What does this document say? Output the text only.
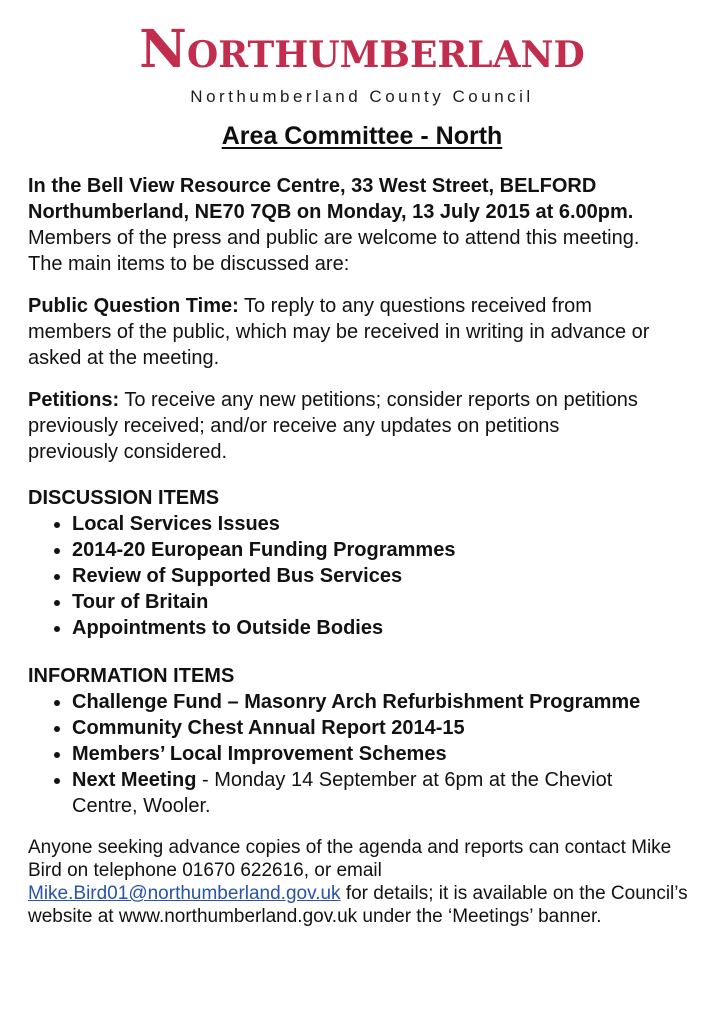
Northumberland
Northumberland County Council
Area Committee - North
In the Bell View Resource Centre, 33 West Street, BELFORD
Northumberland, NE70 7QB on Monday, 13 July 2015 at 6.00pm.
Members of the press and public are welcome to attend this meeting.
The main items to be discussed are:
Public Question Time: To reply to any questions received from
members of the public, which may be received in writing in advance or
asked at the meeting.
Petitions: To receive any new petitions; consider reports on petitions
previously received; and/or receive any updates on petitions
previously considered.
DISCUSSION ITEMS
• Local Services Issues
• 2014-20 European Funding Programmes
• Review of Supported Bus Services
• Tour of Britain
• Appointments to Outside Bodies
INFORMATION ITEMS
• Challenge Fund – Masonry Arch Refurbishment Programme
• Community Chest Annual Report 2014-15
• Members’ Local Improvement Schemes
• Next Meeting - Monday 14 September at 6pm at the Cheviot
Centre, Wooler.
Anyone seeking advance copies of the agenda and reports can contact Mike
Bird on telephone 01670 622616, or email
Mike.Bird01@northumberland.gov.uk for details; it is available on the Council’s
website at www.northumberland.gov.uk under the ‘Meetings’ banner.
